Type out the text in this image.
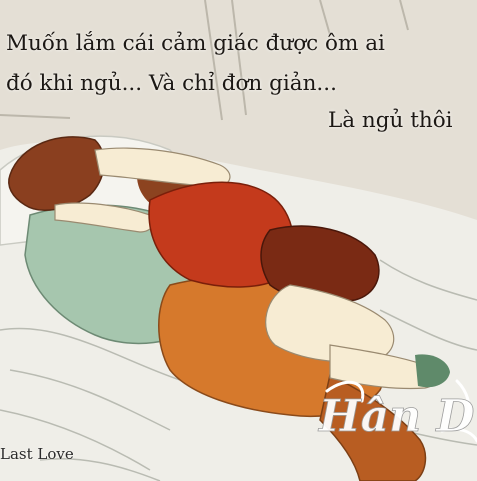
Muốn lắm cái cảm giác được ôm ai

đó khi ngủ... Và chỉ đơn giản...

Là ngủ thôi

Last Love
Hân D
